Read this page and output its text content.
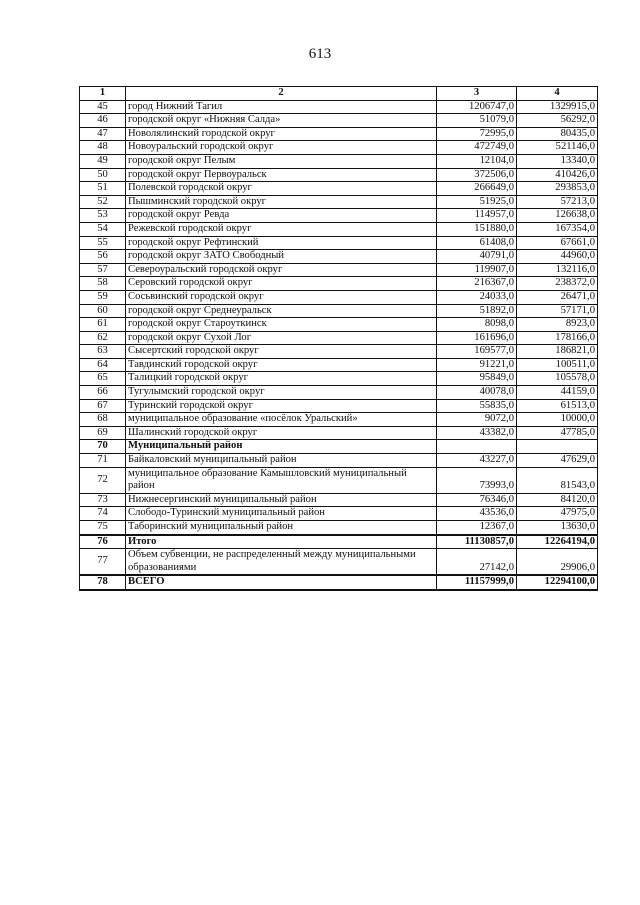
613
1	2	3	4
45	город Нижний Тагил	1206747,0	1329915,0
46	городской округ «Нижняя Салда»	51079,0	56292,0
47	Новолялинский городской округ	72995,0	80435,0
48	Новоуральский городской округ	472749,0	521146,0
49	городской округ Пелым	12104,0	13340,0
50	городской округ Первоуральск	372506,0	410426,0
51	Полевской городской округ	266649,0	293853,0
52	Пышминский городской округ	51925,0	57213,0
53	городской округ Ревда	114957,0	126638,0
54	Режевской городской округ	151880,0	167354,0
55	городской округ Рефтинский	61408,0	67661,0
56	городской округ ЗАТО Свободный	40791,0	44960,0
57	Североуральский городской округ	119907,0	132116,0
58	Серовский городской округ	216367,0	238372,0
59	Сосьвинский городской округ	24033,0	26471,0
60	городской округ Среднеуральск	51892,0	57171,0
61	городской округ Староуткинск	8098,0	8923,0
62	городской округ Сухой Лог	161696,0	178166,0
63	Сысертский городской округ	169577,0	186821,0
64	Тавдинский городской округ	91221,0	100511,0
65	Талицкий городской округ	95849,0	105578,0
66	Тугулымский городской округ	40078,0	44159,0
67	Туринский городской округ	55835,0	61513,0
68	муниципальное образование «посёлок Уральский»	9072,0	10000,0
69	Шалинский городской округ	43382,0	47785,0
70	Муниципальный район		
71	Байкаловский муниципальный район	43227,0	47629,0
72	муниципальное образование Камышловский муниципальный район	73993,0	81543,0
73	Нижнесергинский муниципальный район	76346,0	84120,0
74	Слободо-Туринский муниципальный район	43536,0	47975,0
75	Таборинский муниципальный район	12367,0	13630,0
76	Итого	11130857,0	12264194,0
77	Объем субвенции, не распределенный между муниципальными образованиями	27142,0	29906,0
78	ВСЕГО	11157999,0	12294100,0
